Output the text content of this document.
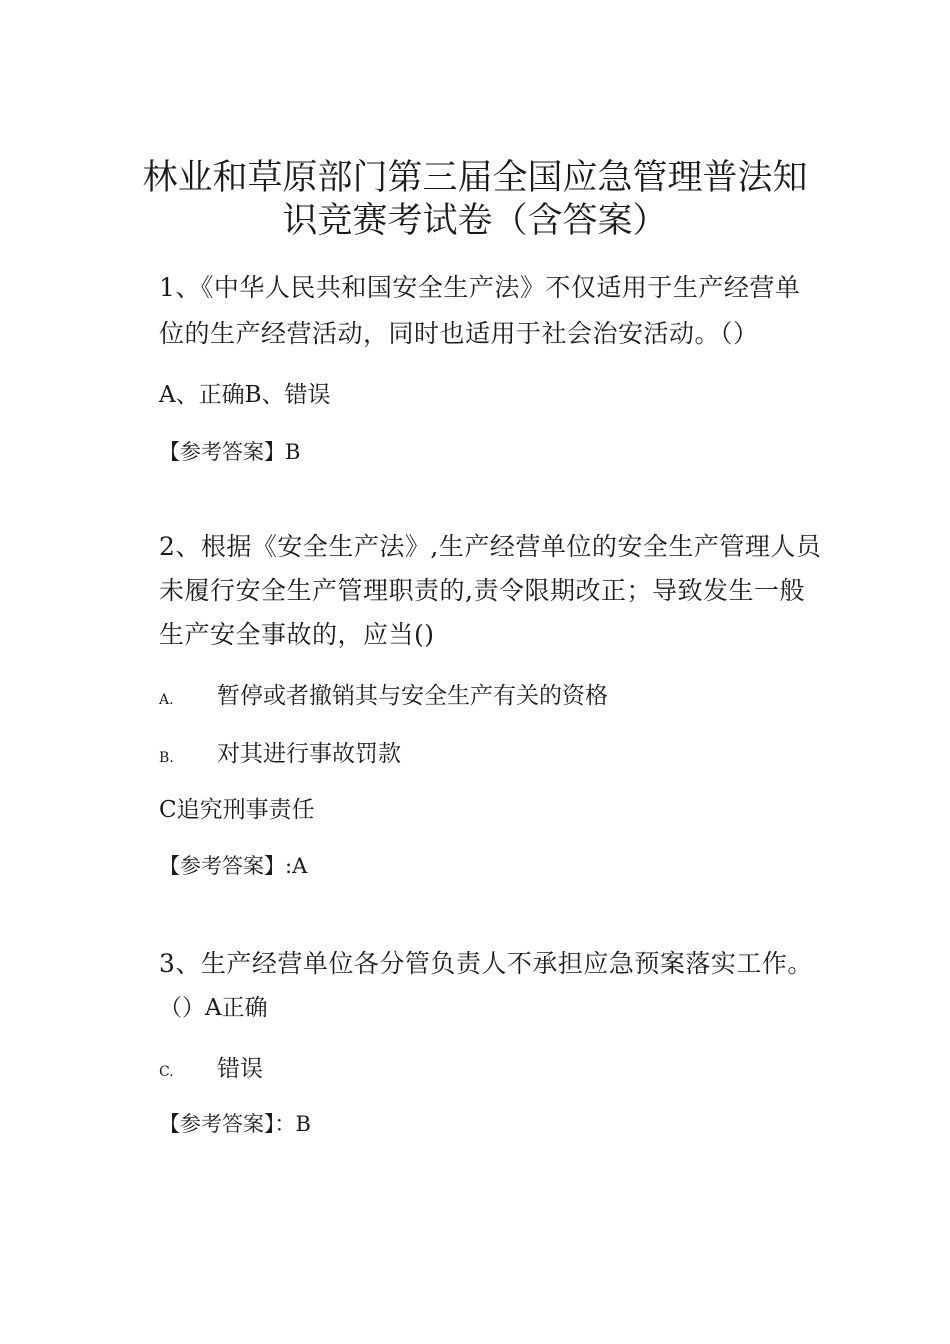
林业和草原部门第三届全国应急管理普法知
识竞赛考试卷（含答案）
1、《中华人民共和国安全生产法》不仅适用于生产经营单
位的生产经营活动，同时也适用于社会治安活动。（）
A、正确B、错误
【参考答案】B
2、根据《安全生产法》,生产经营单位的安全生产管理人员
未履行安全生产管理职责的,责令限期改正；导致发生一般
生产安全事故的，应当()
A. 暂停或者撤销其与安全生产有关的资格
B. 对其进行事故罚款
C追究刑事责任
【参考答案】:A
3、生产经营单位各分管负责人不承担应急预案落实工作。
（）A正确
C. 错误
【参考答案】：B
